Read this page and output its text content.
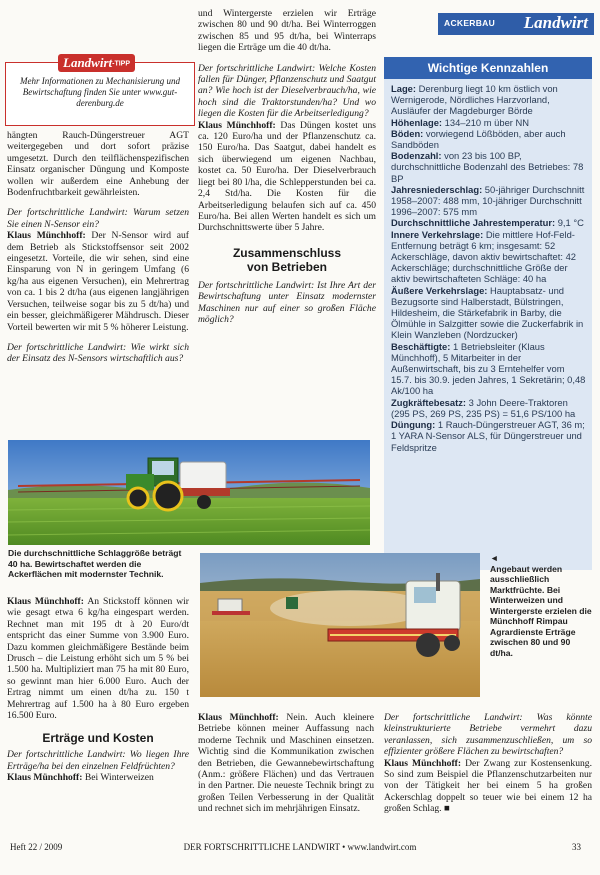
ACKERBAU Landwirt
Landwirt-TIPP
Mehr Informationen zu Mechanisierung und Bewirtschaftung finden Sie unter www.gut-derenburg.de

hängten Rauch-Düngerstreuer AGT weitergegeben und dort sofort präzise umgesetzt. Durch den teilflächenspezifischen Einsatz organischer Düngung und Komposte wollen wir außerdem eine Anhebung der Bodenfruchtbarkeit gewährleisten.

Der fortschrittliche Landwirt: Warum setzen Sie einen N-Sensor ein?

Klaus Münchhoff: Der N-Sensor wird auf dem Betrieb als Stickstoffsensor seit 2002 eingesetzt. Vorteile, die wir sehen, sind eine Einsparung von N in geringem Umfang (6 kg/ha aus eigenen Versuchen), ein Mehrertrag von ca. 1 bis 2 dt/ha (aus eigenen langjährigen Versuchen, teilweise sogar bis zu 5 dt/ha) und ein besser, gleichmäßigerer Mähdrusch. Dieser Vorteil bewerten wir mit 5 % höherer Leistung.

Der fortschrittliche Landwirt: Wie wirkt sich der Einsatz des N-Sensors wirtschaftlich aus?

und Wintergerste erzielen wir Erträge zwischen 80 und 90 dt/ha. Bei Winterroggen zwischen 85 und 95 dt/ha, bei Winterraps liegen die Erträge um die 40 dt/ha.

Der fortschrittliche Landwirt: Welche Kosten fallen für Dünger, Pflanzenschutz und Saatgut an? Wie hoch ist der Dieselverbrauch/ha, wie hoch sind die Traktorstunden/ha? Und wo liegen die Kosten für die Arbeitserledigung?

Klaus Münchhoff: Das Düngen kostet uns ca. 120 Euro/ha und der Pflanzenschutz ca. 150 Euro/ha. Das Saatgut, dabei handelt es sich überwiegend um eigenen Nachbau, kostet ca. 50 Euro/ha. Der Dieselverbrauch liegt bei 80 l/ha, die Schlepperstunden bei ca. 2,4 Std/ha. Die Kosten für die Arbeitserledigung belaufen sich auf ca. 450 Euro/ha. Bei allen Werten handelt es sich um Durchschnittswerte über 5 Jahre.

Zusammenschluss von Betrieben

Der fortschrittliche Landwirt: Ist Ihre Art der Bewirtschaftung unter Einsatz modernster Maschinen nur auf einer so großen Fläche möglich?

Wichtige Kennzahlen
Lage: Derenburg liegt 10 km östlich von Wernigerode, Nördliches Harzvorland, Ausläufer der Magdeburger Börde
Höhenlage: 134–210 m über NN
Böden: vorwiegend Lößböden, aber auch Sandböden
Bodenzahl: von 23 bis 100 BP, durchschnittliche Bodenzahl des Betriebes: 78 BP
Jahresniederschlag: 50-jähriger Durchschnitt 1958–2007: 488 mm, 10-jähriger Durchschnitt 1996–2007: 575 mm
Durchschnittliche Jahrestemperatur: 9,1 °C
Innere Verkehrslage: Die mittlere Hof-Feld-Entfernung beträgt 6 km; insgesamt: 52 Ackerschläge, davon aktiv bewirtschaftet: 42 Ackerschläge; durchschnittliche Größe der aktiv bewirtschafteten Schläge: 40 ha
Äußere Verkehrslage: Hauptabsatz- und Bezugsorte sind Halberstadt, Bülstringen, Hildesheim, die Stärkefabrik in Barby, die Ölmühle in Salzgitter sowie die Zuckerfabrik in Klein Wanzleben (Nordzucker)
Beschäftigte: 1 Betriebsleiter (Klaus Münchhoff), 5 Mitarbeiter in der Außenwirtschaft, bis zu 3 Erntehelfer vom 15.7. bis 30.9. jeden Jahres, 1 Sekretärin; 0,48 Ak/100 ha
Zugkräftebesatz: 3 John Deere-Traktoren (295 PS, 269 PS, 235 PS) = 51,6 PS/100 ha
Düngung: 1 Rauch-Düngerstreuer AGT, 36 m; 1 YARA N-Sensor ALS, für Düngerstreuer und Feldspritze
Die durchschnittliche Schlaggröße beträgt 40 ha. Bewirtschaftet werden die Ackerflächen mit modernster Technik.
◄
Angebaut werden ausschließlich Marktfrüchte. Bei Winterweizen und Wintergerste erzielen die Münchhoff Rimpau Agrardienste Erträge zwischen 80 und 90 dt/ha.

Klaus Münchhoff: An Stickstoff können wir wie gesagt etwa 6 kg/ha eingespart werden. Rechnet man mit 195 dt à 20 Euro/dt entspricht das einer Summe von 3.900 Euro. Dazu kommen gleichmäßigere Bestände beim Drusch – die Leistung erhöht sich um 5 % bei 1.500 ha. Multipliziert man 75 ha mit 80 Euro, so gewinnt man hier 6.000 Euro. Auch der Ertrag nimmt um einen dt/ha zu. 150 t Mehrertrag auf 1.500 ha à 80 Euro ergeben 16.500 Euro.

Erträge und Kosten

Der fortschrittliche Landwirt: Wo liegen Ihre Erträge/ha bei den einzelnen Feldfrüchten?

Klaus Münchhoff: Bei Winterweizen

Klaus Münchhoff: Nein. Auch kleinere Betriebe können meiner Auffassung nach moderne Technik und Maschinen einsetzen. Wichtig sind die Kommunikation zwischen den Betrieben, die Gewannebewirtschaftung (Anm.: größere Flächen) und das Vertrauen in den Partner. Die neueste Technik bringt zu großen Teilen Verbesserung in der Qualität und rechnet sich im mehrjährigen Einsatz.

Der fortschrittliche Landwirt: Was könnte kleinstrukturierte Betriebe vermehrt dazu veranlassen, sich zusammenzuschließen, um so effizienter größere Flächen zu bewirtschaften?

Klaus Münchhoff: Der Zwang zur Kostensenkung. So sind zum Beispiel die Pflanzenschutzarbeiten nur von der Tätigkeit her bei einem 5 ha großen Ackerschlag doppelt so teuer wie bei einem 12 ha großen Schlag. ■

Heft 22 / 2009	DER FORTSCHRITTLICHE LANDWIRT • www.landwirt.com	33
